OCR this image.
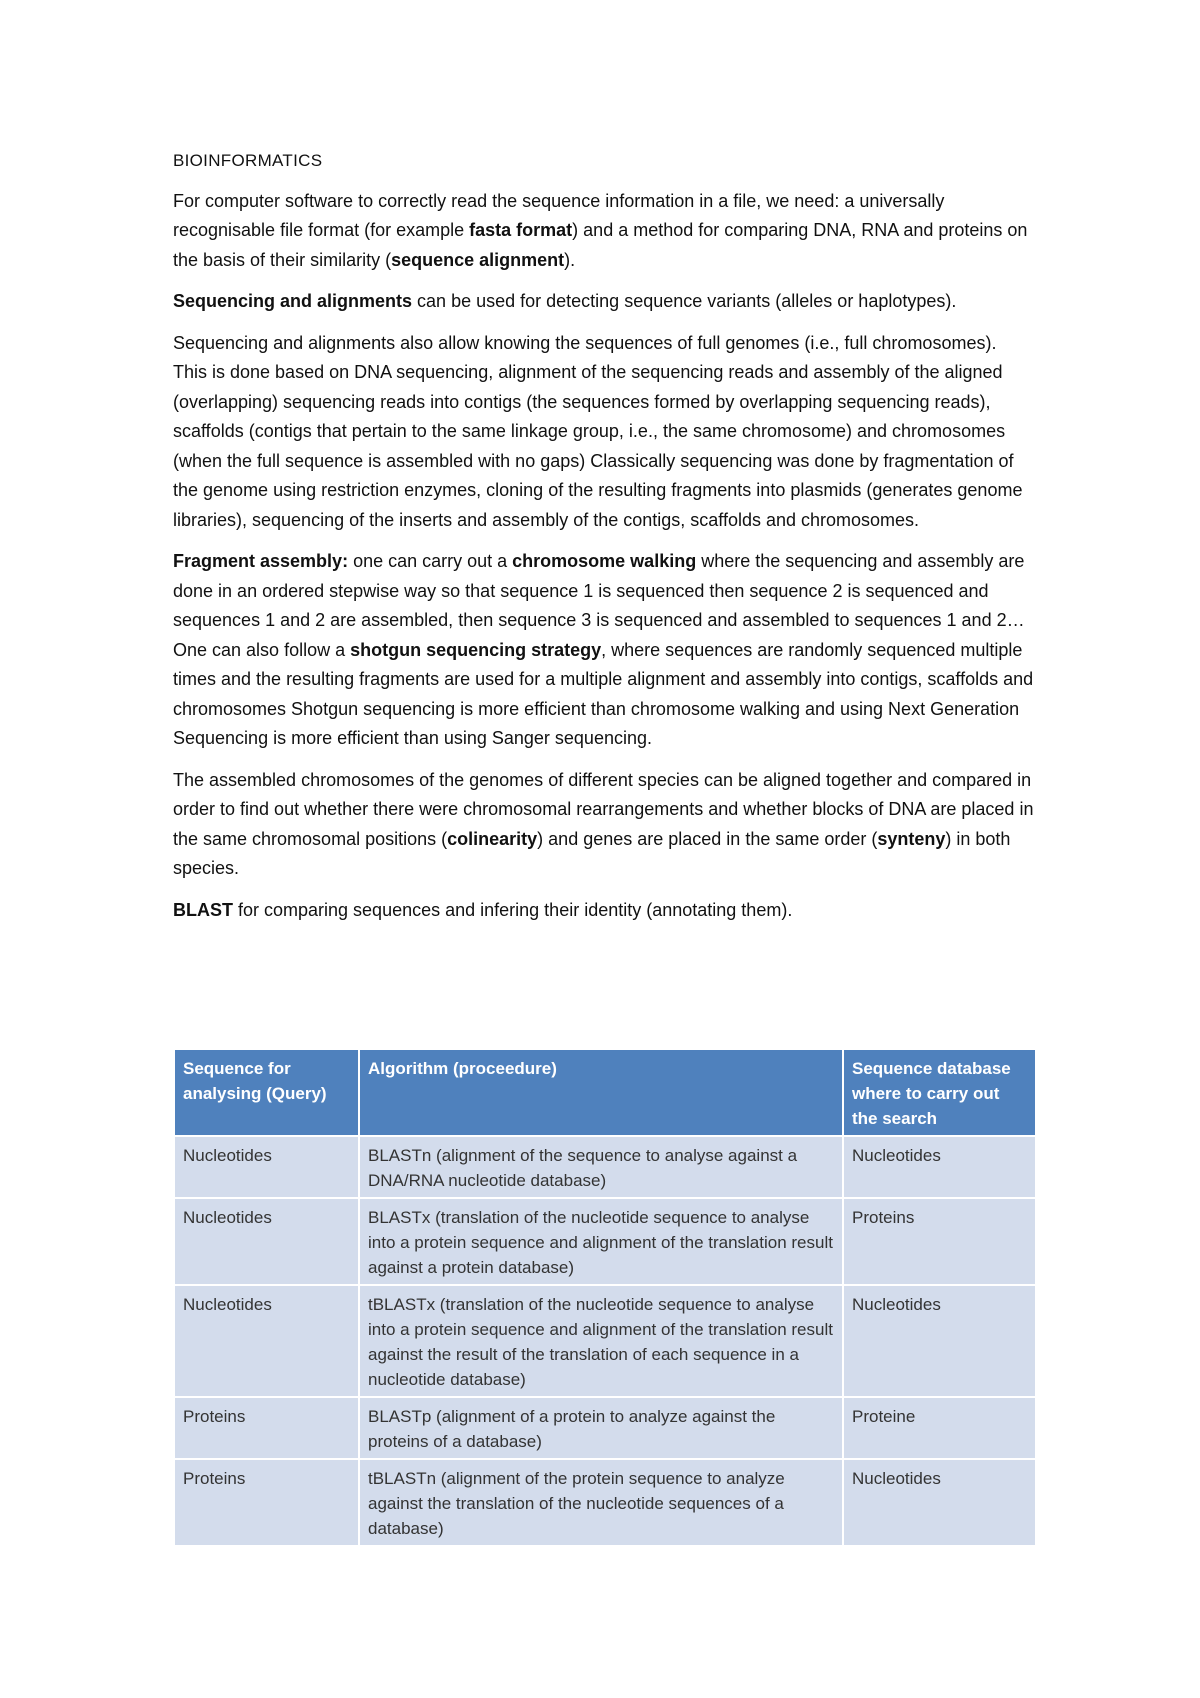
BIOINFORMATICS

For computer software to correctly read the sequence information in a file, we need: a universally recognisable file format (for example fasta format) and a method for comparing DNA, RNA and proteins on the basis of their similarity (sequence alignment).

Sequencing and alignments can be used for detecting sequence variants (alleles or haplotypes).

Sequencing and alignments also allow knowing the sequences of full genomes (i.e., full chromosomes). This is done based on DNA sequencing, alignment of the sequencing reads and assembly of the aligned (overlapping) sequencing reads into contigs (the sequences formed by overlapping sequencing reads), scaffolds (contigs that pertain to the same linkage group, i.e., the same chromosome) and chromosomes (when the full sequence is assembled with no gaps) Classically sequencing was done by fragmentation of the genome using restriction enzymes, cloning of the resulting fragments into plasmids (generates genome libraries), sequencing of the inserts and assembly of the contigs, scaffolds and chromosomes.

Fragment assembly: one can carry out a chromosome walking where the sequencing and assembly are done in an ordered stepwise way so that sequence 1 is sequenced then sequence 2 is sequenced and sequences 1 and 2 are assembled, then sequence 3 is sequenced and assembled to sequences 1 and 2… One can also follow a shotgun sequencing strategy, where sequences are randomly sequenced multiple times and the resulting fragments are used for a multiple alignment and assembly into contigs, scaffolds and chromosomes Shotgun sequencing is more efficient than chromosome walking and using Next Generation Sequencing is more efficient than using Sanger sequencing.

The assembled chromosomes of the genomes of different species can be aligned together and compared in order to find out whether there were chromosomal rearrangements and whether blocks of DNA are placed in the same chromosomal positions (colinearity) and genes are placed in the same order (synteny) in both species.

BLAST for comparing sequences and infering their identity (annotating them).

Sequence for analysing (Query)	Algorithm (proceedure)	Sequence database where to carry out the search
Nucleotides	BLASTn (alignment of the sequence to analyse against a DNA/RNA nucleotide database)	Nucleotides
Nucleotides	BLASTx (translation of the nucleotide sequence to analyse into a protein sequence and alignment of the translation result against a protein database)	Proteins
Nucleotides	tBLASTx (translation of the nucleotide sequence to analyse into a protein sequence and alignment of the translation result against the result of the translation of each sequence in a nucleotide database)	Nucleotides
Proteins	BLASTp (alignment of a protein to analyze against the proteins of a database)	Proteine
Proteins	tBLASTn (alignment of the protein sequence to analyze against the translation of the nucleotide sequences of a database)	Nucleotides
